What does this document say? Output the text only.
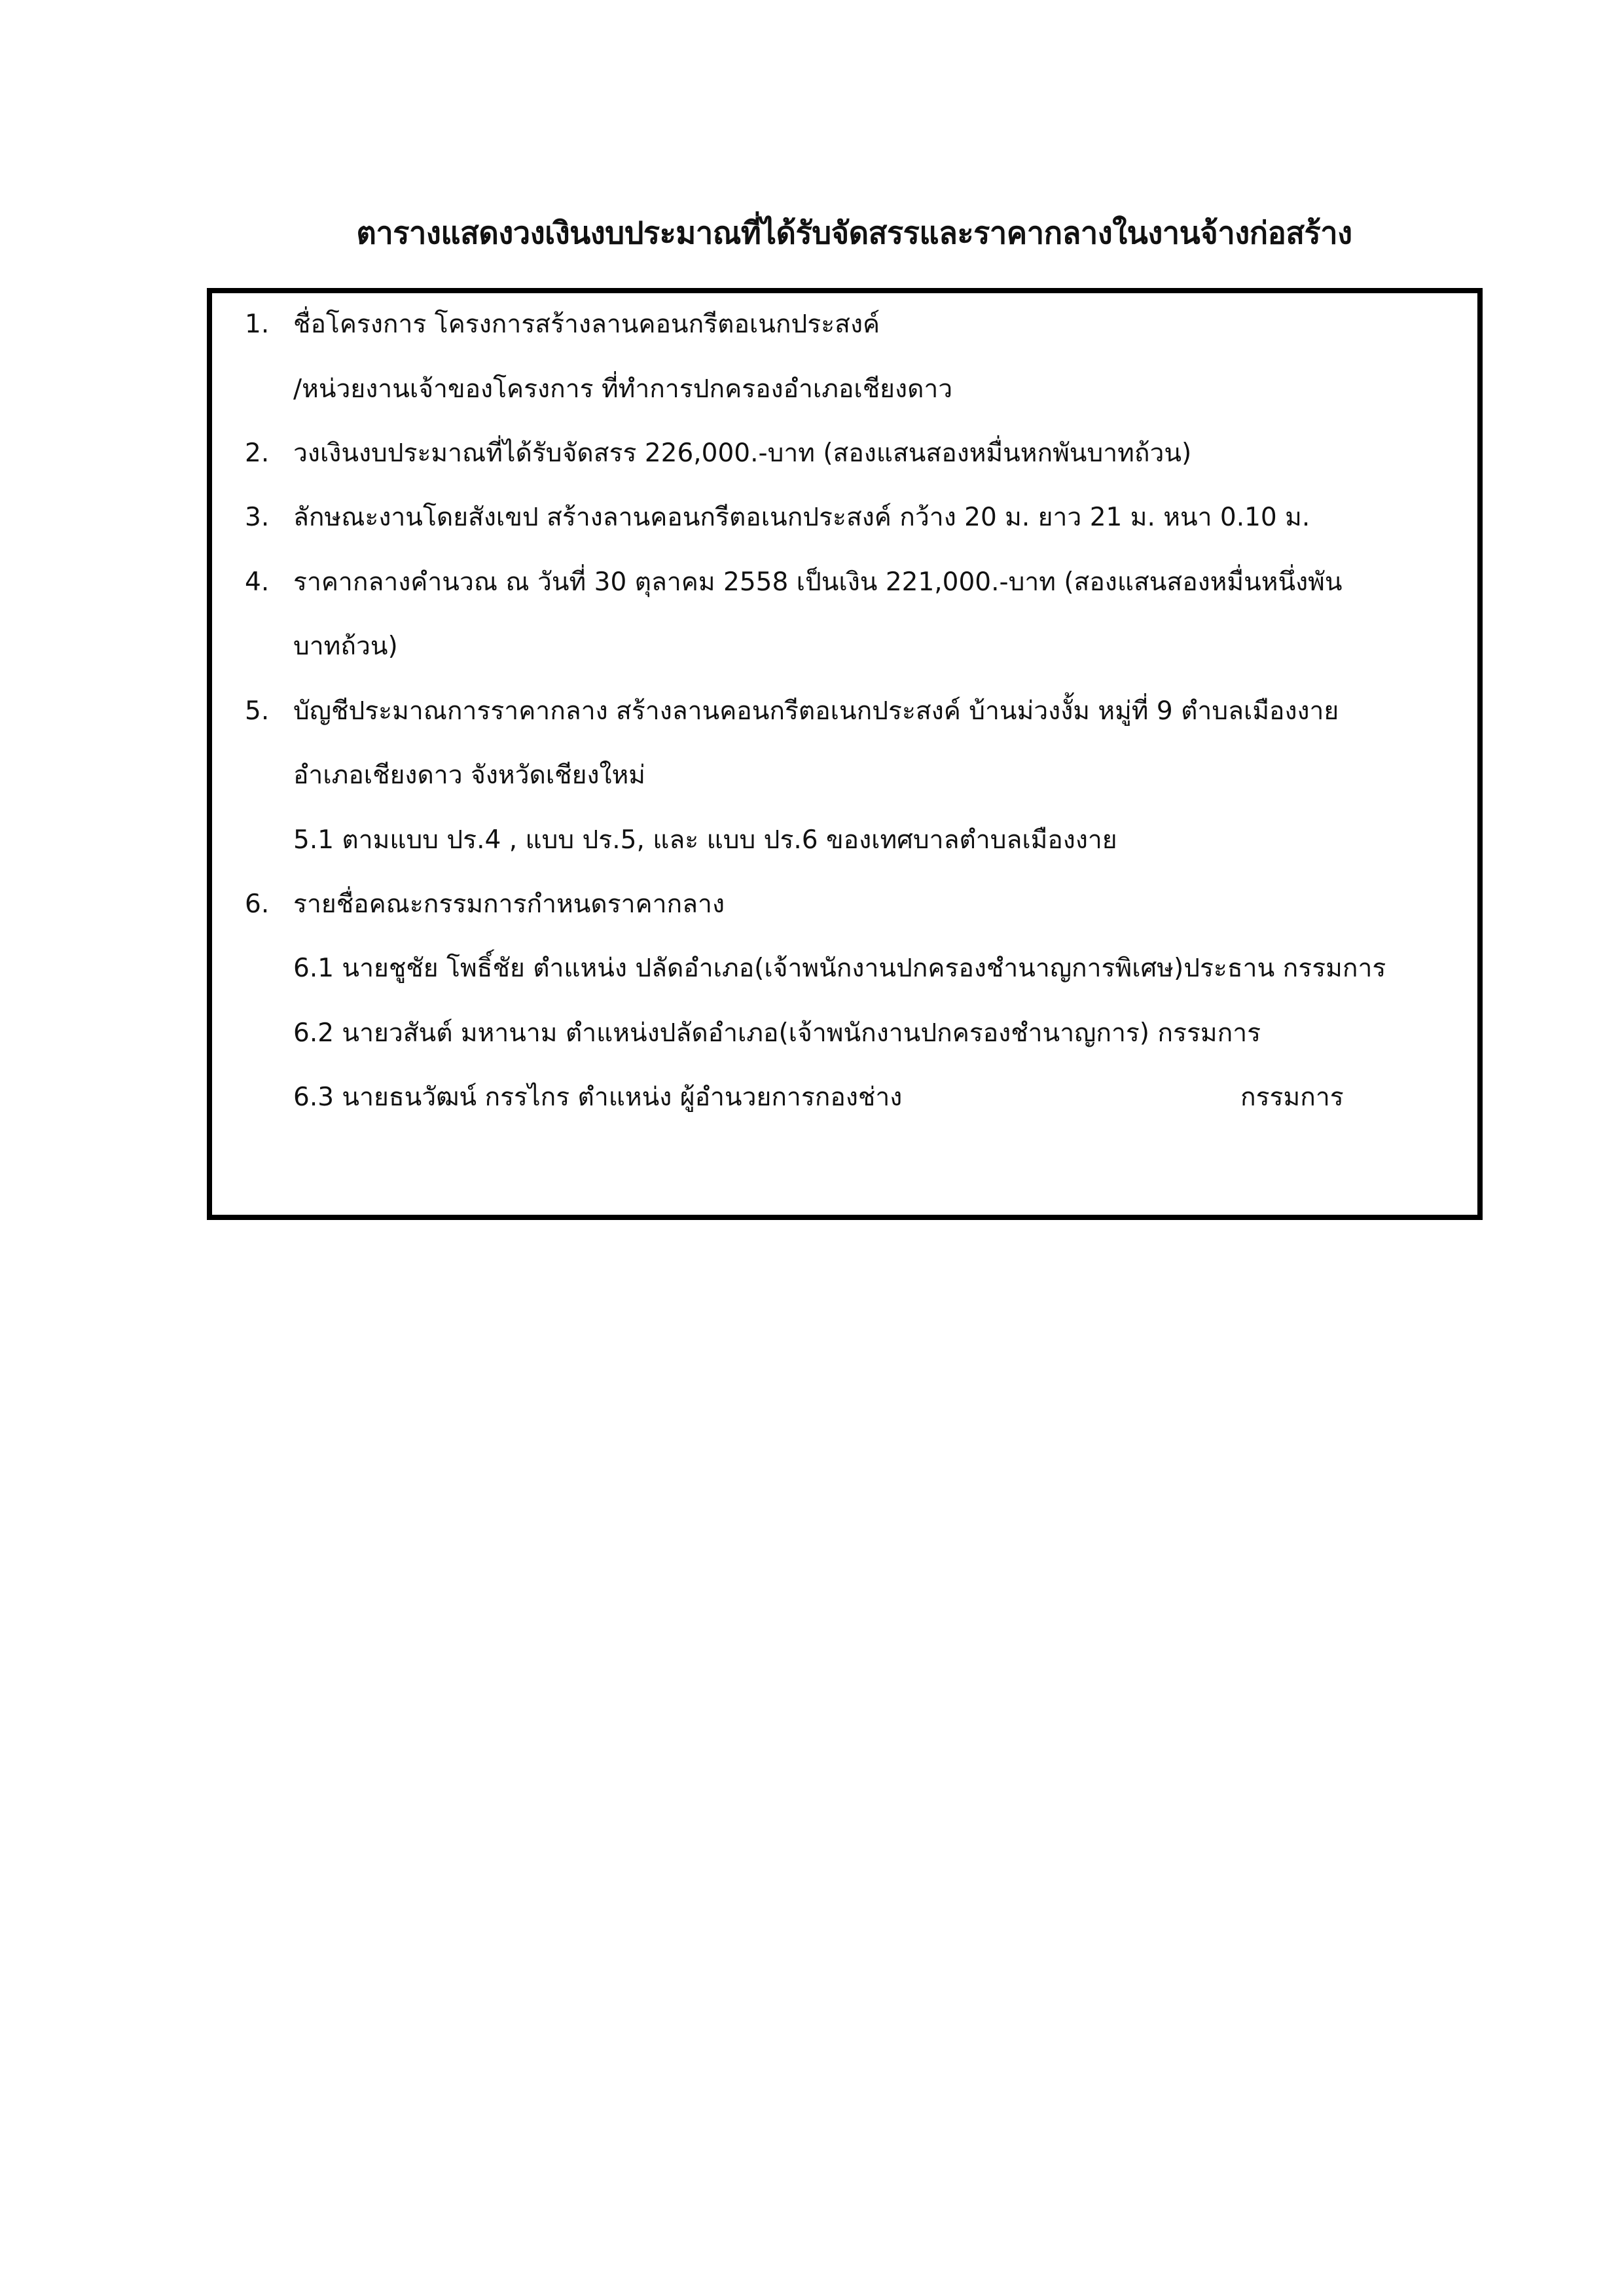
ตารางแสดงวงเงินงบประมาณที่ได้รับจัดสรรและราคากลางในงานจ้างก่อสร้าง
1. ชื่อโครงการ โครงการสร้างลานคอนกรีตอเนกประสงค์
/หน่วยงานเจ้าของโครงการ ที่ทำการปกครองอำเภอเชียงดาว
2. วงเงินงบประมาณที่ได้รับจัดสรร 226,000.-บาท (สองแสนสองหมื่นหกพันบาทถ้วน)
3. ลักษณะงานโดยสังเขป สร้างลานคอนกรีตอเนกประสงค์ กว้าง 20 ม. ยาว 21 ม. หนา 0.10 ม.
4. ราคากลางคำนวณ ณ วันที่ 30 ตุลาคม 2558 เป็นเงิน 221,000.-บาท (สองแสนสองหมื่นหนึ่งพัน
บาทถ้วน)
5. บัญชีประมาณการราคากลาง สร้างลานคอนกรีตอเนกประสงค์ บ้านม่วงงั้ม หมู่ที่ 9 ตำบลเมืองงาย
อำเภอเชียงดาว จังหวัดเชียงใหม่
5.1 ตามแบบ ปร.4 , แบบ ปร.5, และ แบบ ปร.6 ของเทศบาลตำบลเมืองงาย
6. รายชื่อคณะกรรมการกำหนดราคากลาง
6.1 นายชูชัย โพธิ์ชัย ตำแหน่ง ปลัดอำเภอ(เจ้าพนักงานปกครองชำนาญการพิเศษ)ประธาน กรรมการ
6.2 นายวสันต์ มหานาม ตำแหน่งปลัดอำเภอ(เจ้าพนักงานปกครองชำนาญการ) กรรมการ
6.3 นายธนวัฒน์ กรรไกร ตำแหน่ง ผู้อำนวยการกองช่าง	กรรมการ
